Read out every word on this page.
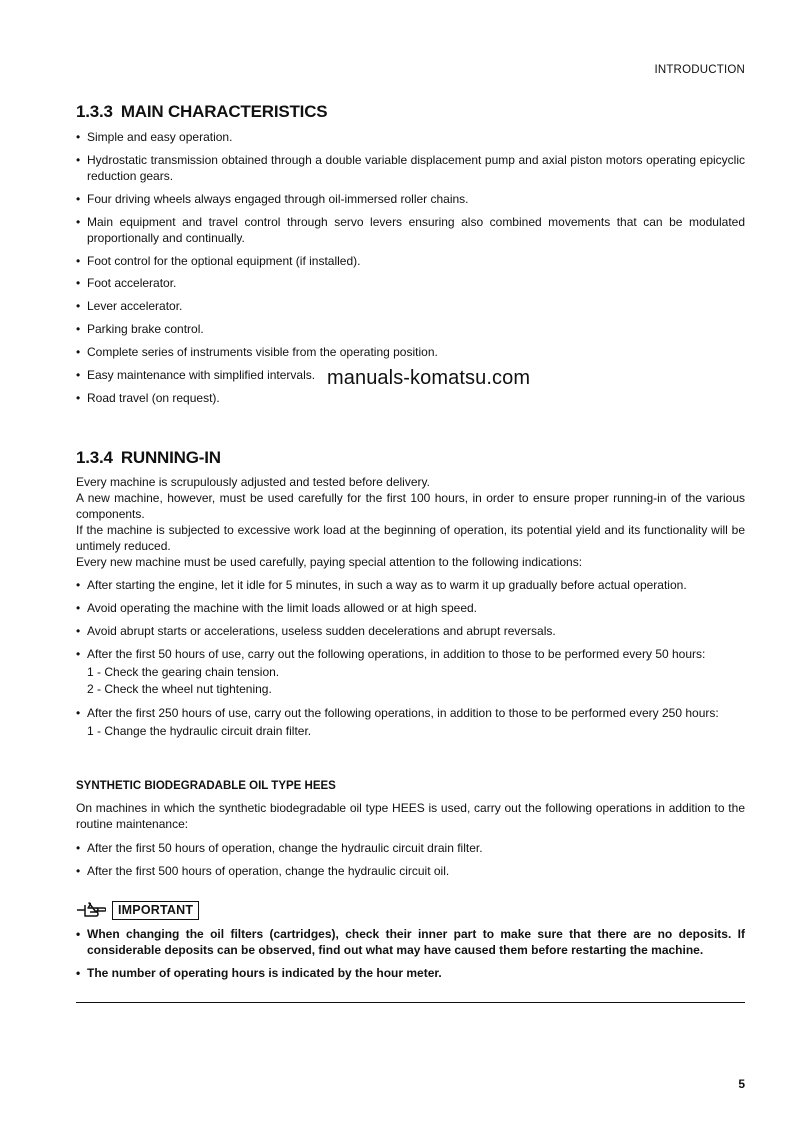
INTRODUCTION
1.3.3 MAIN CHARACTERISTICS
• Simple and easy operation.
• Hydrostatic transmission obtained through a double variable displacement pump and axial piston motors operating epicyclic reduction gears.
• Four driving wheels always engaged through oil-immersed roller chains.
• Main equipment and travel control through servo levers ensuring also combined movements that can be modulated proportionally and continually.
• Foot control for the optional equipment (if installed).
• Foot accelerator.
• Lever accelerator.
• Parking brake control.
• Complete series of instruments visible from the operating position.
• Easy maintenance with simplified intervals.
• Road travel (on request).
manuals-komatsu.com
1.3.4 RUNNING-IN

Every machine is scrupulously adjusted and tested before delivery.

A new machine, however, must be used carefully for the first 100 hours, in order to ensure proper running-in of the various components.

If the machine is subjected to excessive work load at the beginning of operation, its potential yield and its functionality will be untimely reduced.

Every new machine must be used carefully, paying special attention to the following indications:

• After starting the engine, let it idle for 5 minutes, in such a way as to warm it up gradually before actual operation.
• Avoid operating the machine with the limit loads allowed or at high speed.
• Avoid abrupt starts or accelerations, useless sudden decelerations and abrupt reversals.
• After the first 50 hours of use, carry out the following operations, in addition to those to be performed every 50 hours:
1 - Check the gearing chain tension.
2 - Check the wheel nut tightening.
• After the first 250 hours of use, carry out the following operations, in addition to those to be performed every 250 hours:
1 - Change the hydraulic circuit drain filter.
SYNTHETIC BIODEGRADABLE OIL TYPE HEES

On machines in which the synthetic biodegradable oil type HEES is used, carry out the following operations in addition to the routine maintenance:

• After the first 50 hours of operation, change the hydraulic circuit drain filter.
• After the first 500 hours of operation, change the hydraulic circuit oil.
IMPORTANT
• When changing the oil filters (cartridges), check their inner part to make sure that there are no deposits. If considerable deposits can be observed, find out what may have caused them before restarting the machine.
• The number of operating hours is indicated by the hour meter.
5
